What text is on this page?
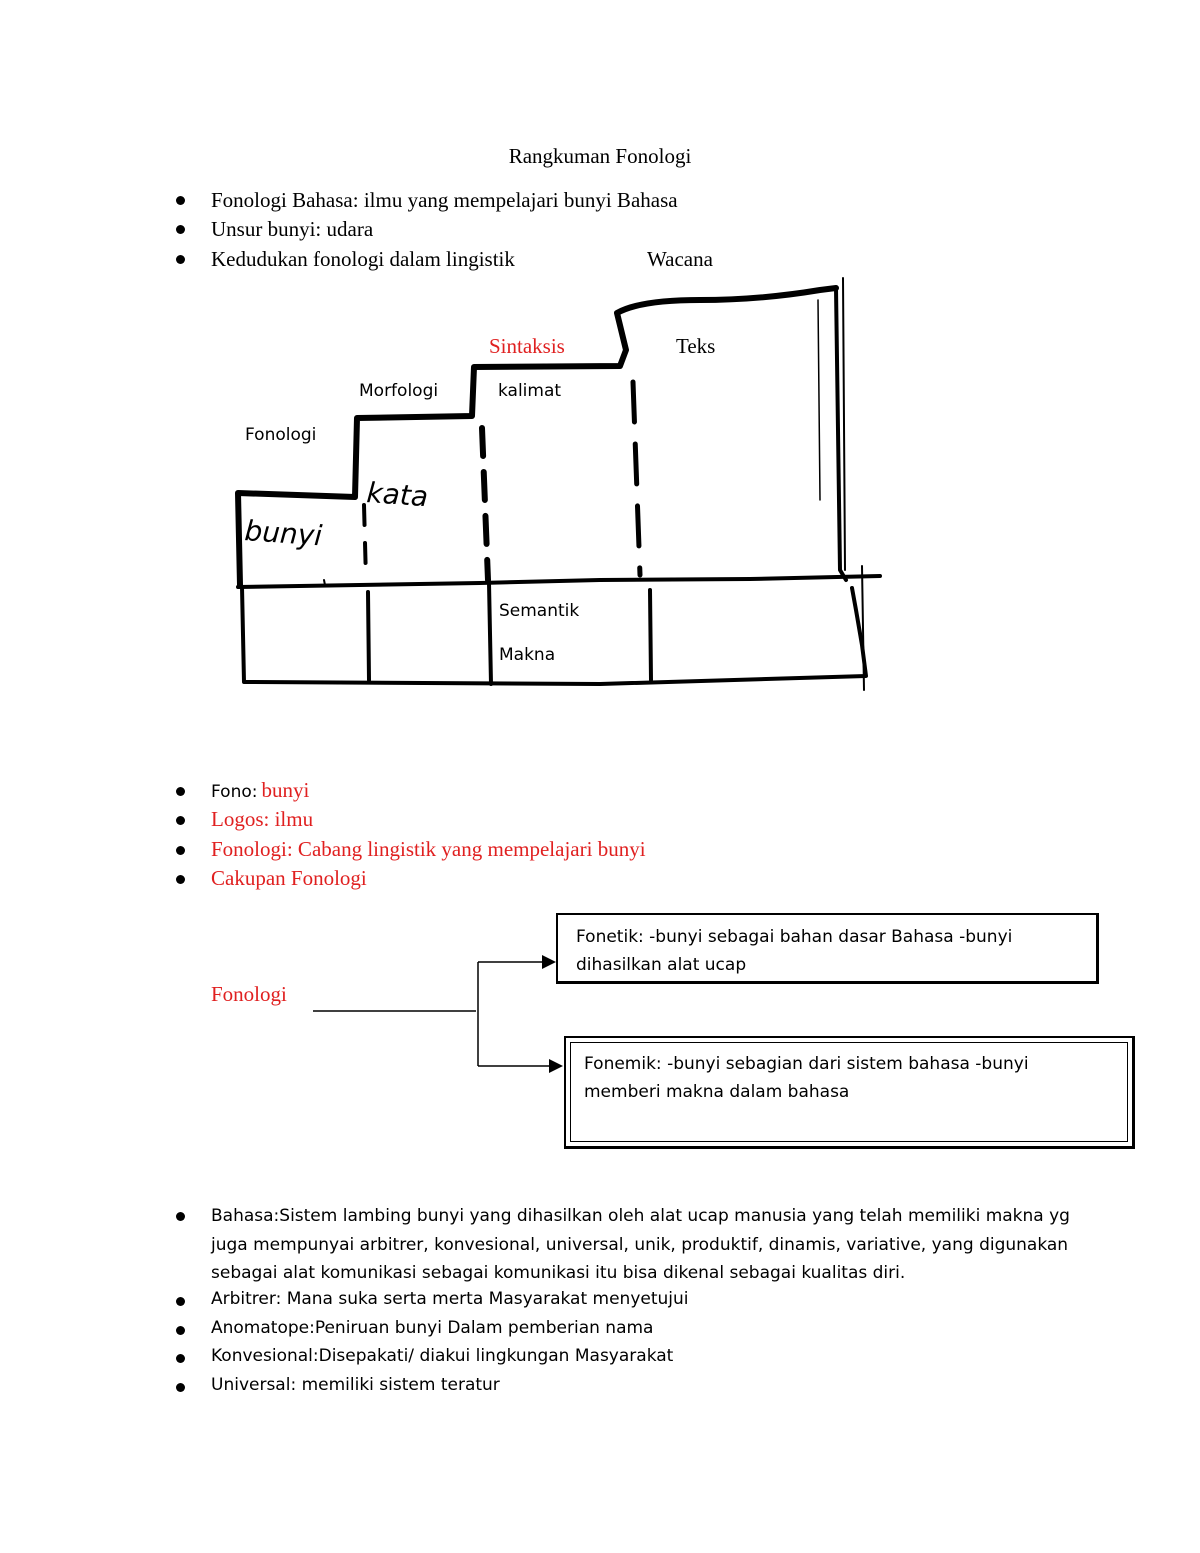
Rangkuman Fonologi
Fonologi Bahasa: ilmu yang mempelajari bunyi Bahasa
Unsur bunyi: udara
Kedudukan fonologi dalam lingistik
kata
bunyi
Wacana
Sintaksis	Teks
Morfologi	kalimat
Fonologi
Semantik
Makna
Fono: bunyi
Logos: ilmu
Fonologi: Cabang lingistik yang mempelajari bunyi
Cakupan Fonologi
Fonologi
Fonetik: -bunyi sebagai bahan dasar Bahasa -bunyi dihasilkan alat ucap
Fonemik: -bunyi sebagian dari sistem bahasa -bunyi memberi makna dalam bahasa
Bahasa:Sistem lambing bunyi yang dihasilkan oleh alat ucap manusia yang telah memiliki makna yg juga mempunyai arbitrer, konvesional, universal, unik, produktif, dinamis, variative, yang digunakan sebagai alat komunikasi sebagai komunikasi itu bisa dikenal sebagai kualitas diri.
Arbitrer: Mana suka serta merta Masyarakat menyetujui
Anomatope:Peniruan bunyi Dalam pemberian nama
Konvesional:Disepakati/ diakui lingkungan Masyarakat
Universal: memiliki sistem teratur
